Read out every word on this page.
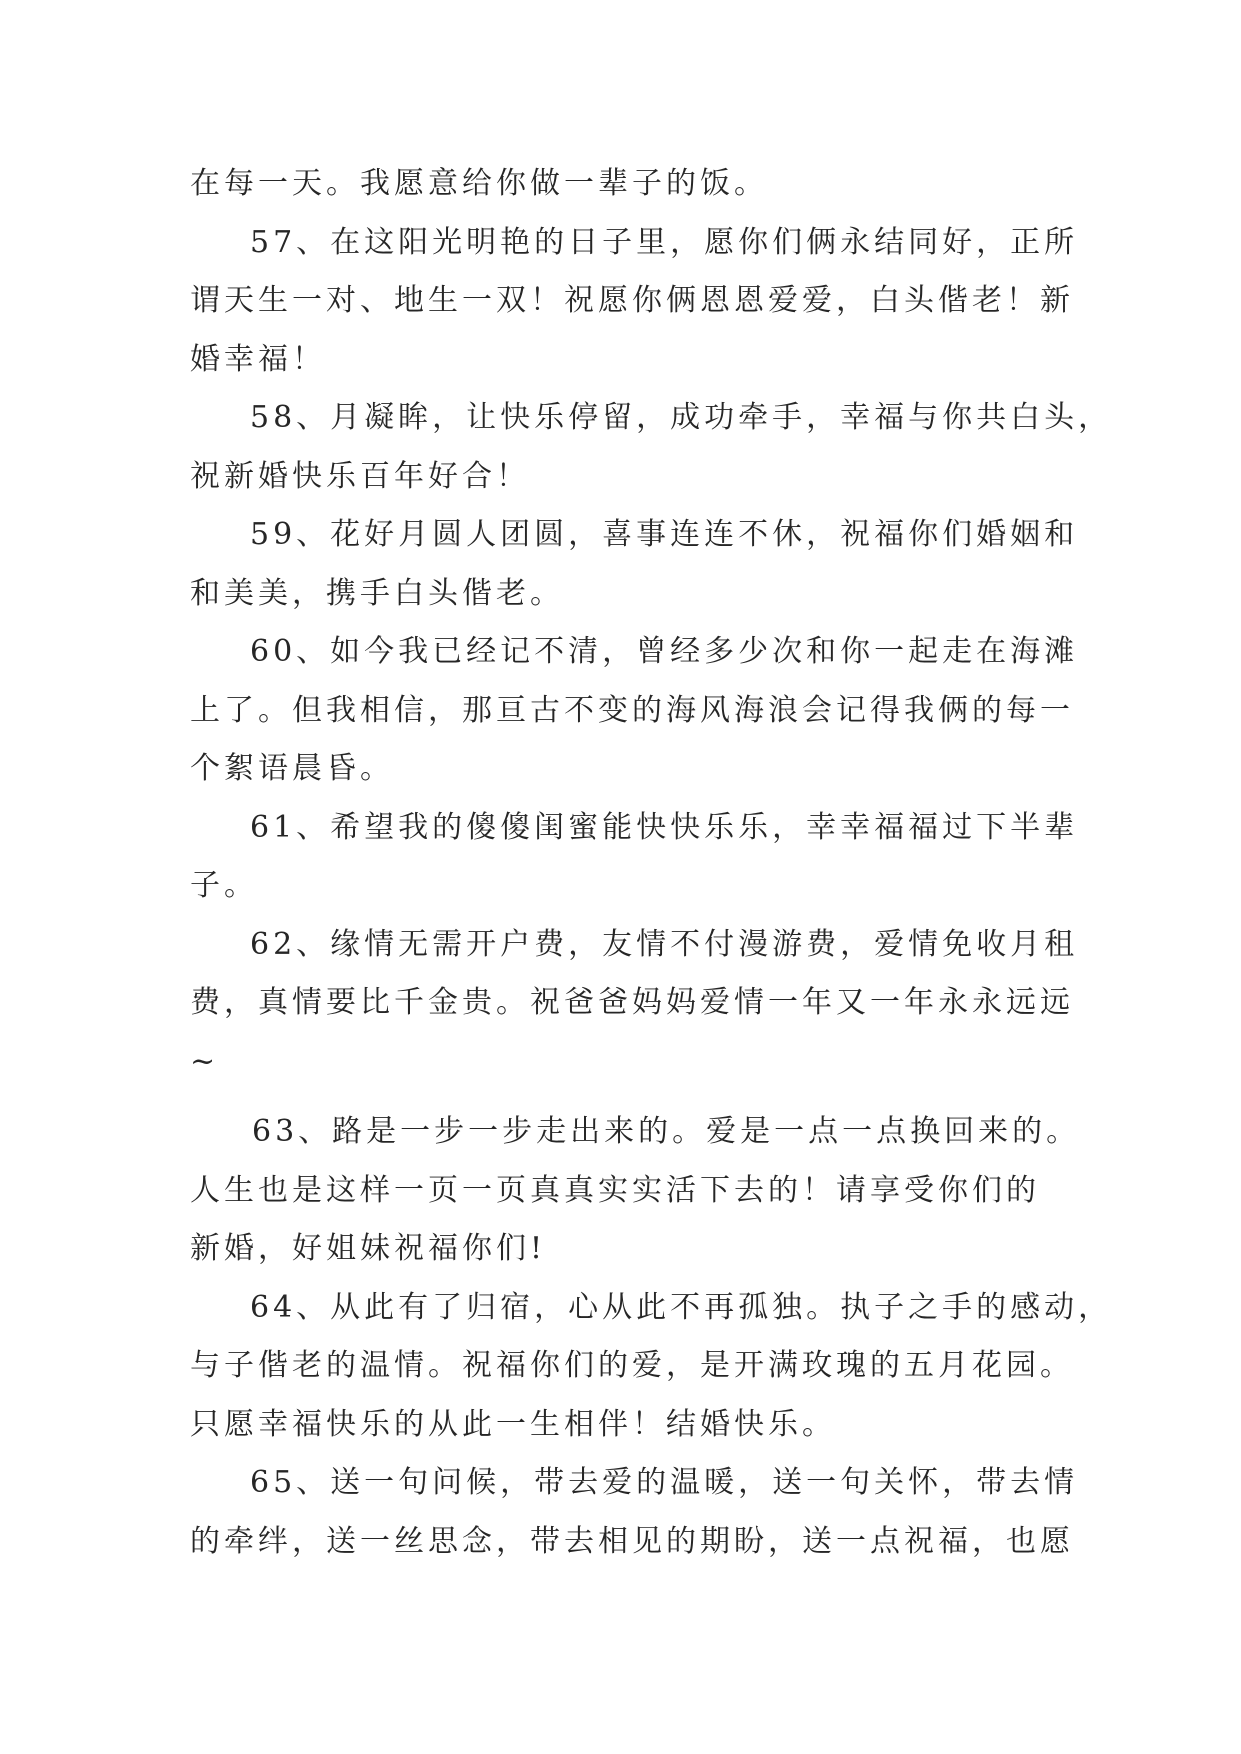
在每一天。我愿意给你做一辈子的饭。

57、在这阳光明艳的日子里，愿你们俩永结同好，正所
谓天生一对、地生一双！祝愿你俩恩恩爱爱，白头偕老！新
婚幸福！

58、月凝眸，让快乐停留，成功牵手，幸福与你共白头，
祝新婚快乐百年好合！

59、花好月圆人团圆，喜事连连不休，祝福你们婚姻和
和美美，携手白头偕老。

60、如今我已经记不清，曾经多少次和你一起走在海滩
上了。但我相信，那亘古不变的海风海浪会记得我俩的每一
个絮语晨昏。

61、希望我的傻傻闺蜜能快快乐乐，幸幸福福过下半辈
子。

62、缘情无需开户费，友情不付漫游费，爱情免收月租
费，真情要比千金贵。祝爸爸妈妈爱情一年又一年永永远远
~

63、路是一步一步走出来的。爱是一点一点换回来的。
人生也是这样一页一页真真实实活下去的！请享受你们的
新婚，好姐妹祝福你们!

64、从此有了归宿，心从此不再孤独。执子之手的感动，
与子偕老的温情。祝福你们的爱，是开满玫瑰的五月花园。
只愿幸福快乐的从此一生相伴！结婚快乐。

65、送一句问候，带去爱的温暖，送一句关怀，带去情
的牵绊，送一丝思念，带去相见的期盼，送一点祝福，也愿
